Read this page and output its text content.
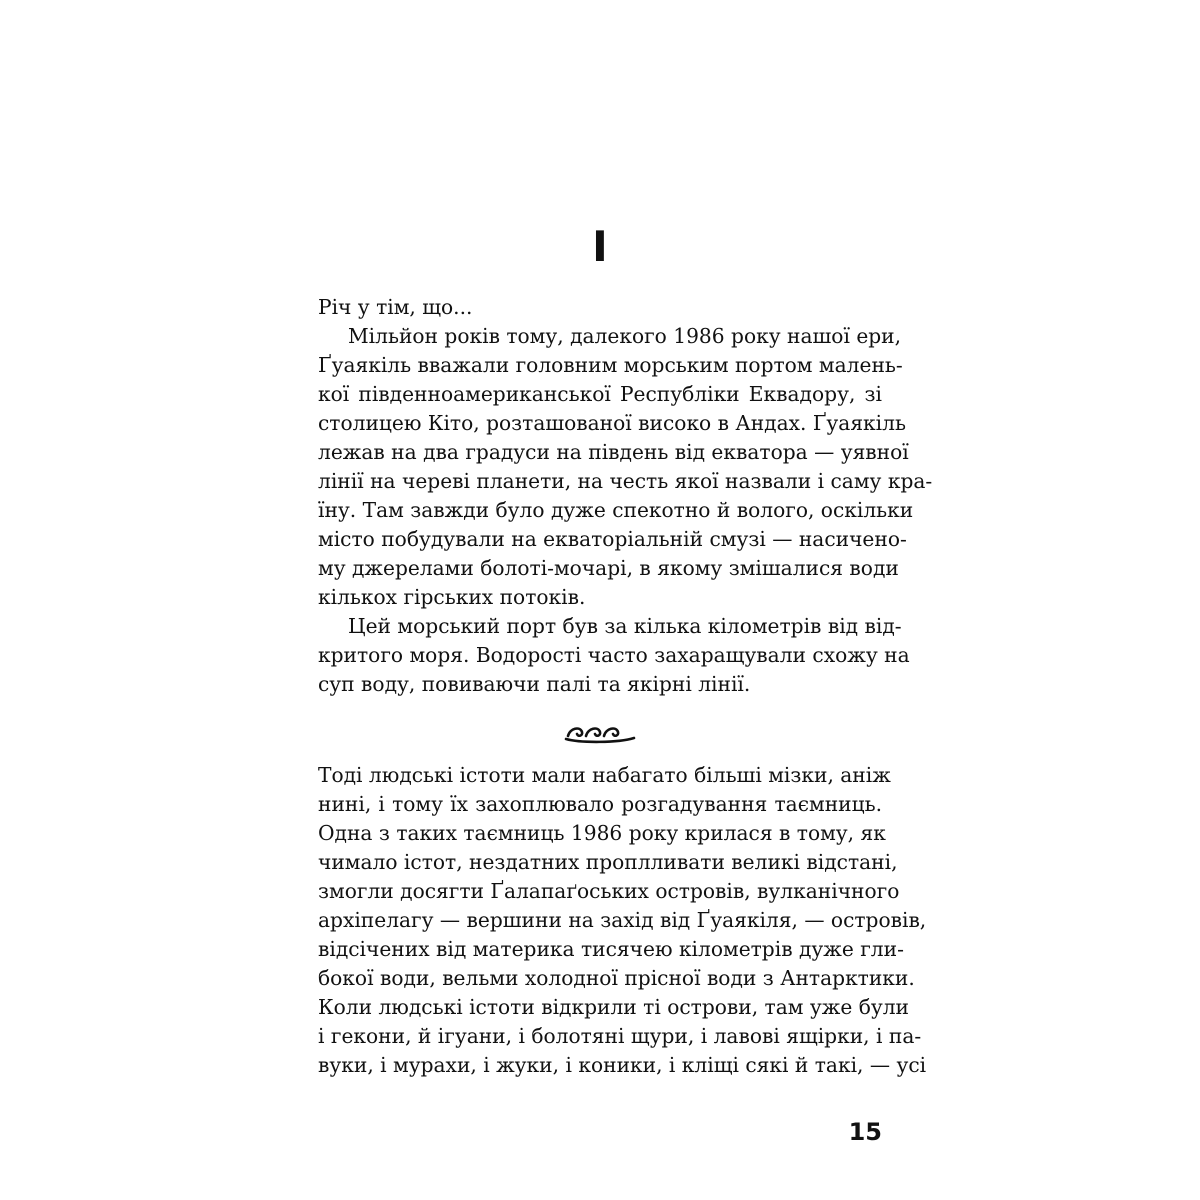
I
Річ у тім, що...
Мільйон років тому, далекого 1986 року нашої ери,
Ґуаякіль вважали головним морським портом малень-
кої південноамериканської Республіки Еквадору, зі
столицею Кіто, розташованої високо в Андах. Ґуаякіль
лежав на два градуси на південь від екватора — уявної
лінії на череві планети, на честь якої назвали і саму кра-
їну. Там завжди було дуже спекотно й волого, оскільки
місто побудували на екваторіальній смузі — насичено-
му джерелами болоті-мочарі, в якому змішалися води
кількох гірських потоків.
Цей морський порт був за кілька кілометрів від від-
критого моря. Водорості часто захаращували схожу на
суп воду, повиваючи палі та якірні лінії.
Тоді людські істоти мали набагато більші мізки, аніж
нині, і тому їх захоплювало розгадування таємниць.
Одна з таких таємниць 1986 року крилася в тому, як
чимало істот, нездатних проплливати великі відстані,
змогли досягти Ґалапаґоських островів, вулканічного
архіпелагу — вершини на захід від Ґуаякіля, — островів,
відсічених від материка тисячею кілометрів дуже гли-
бокої води, вельми холодної прісної води з Антарктики.
Коли людські істоти відкрили ті острови, там уже були
і гекони, й ігуани, і болотяні щури, і лавові ящірки, і па-
вуки, і мурахи, і жуки, і коники, і кліщі сякі й такі, — усі
15
